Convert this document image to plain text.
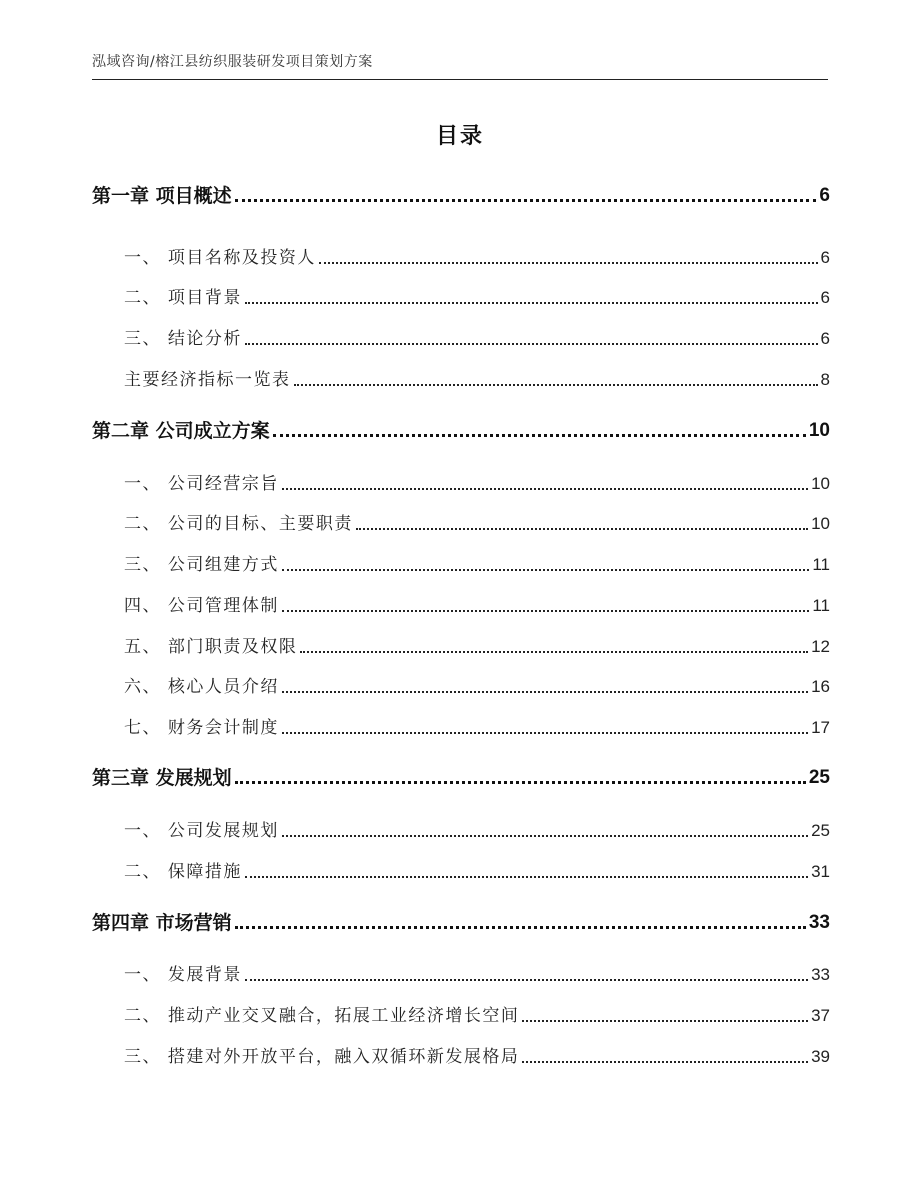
泓域咨询/榕江县纺织服装研发项目策划方案
目录
第一章 项目概述	6
一、 项目名称及投资人	6
二、 项目背景	6
三、 结论分析	6
主要经济指标一览表	8
第二章 公司成立方案	10
一、 公司经营宗旨	10
二、 公司的目标、主要职责	10
三、 公司组建方式	11
四、 公司管理体制	11
五、 部门职责及权限	12
六、 核心人员介绍	16
七、 财务会计制度	17
第三章 发展规划	25
一、 公司发展规划	25
二、 保障措施	31
第四章 市场营销	33
一、 发展背景	33
二、 推动产业交叉融合，拓展工业经济增长空间	37
三、 搭建对外开放平台，融入双循环新发展格局	39
